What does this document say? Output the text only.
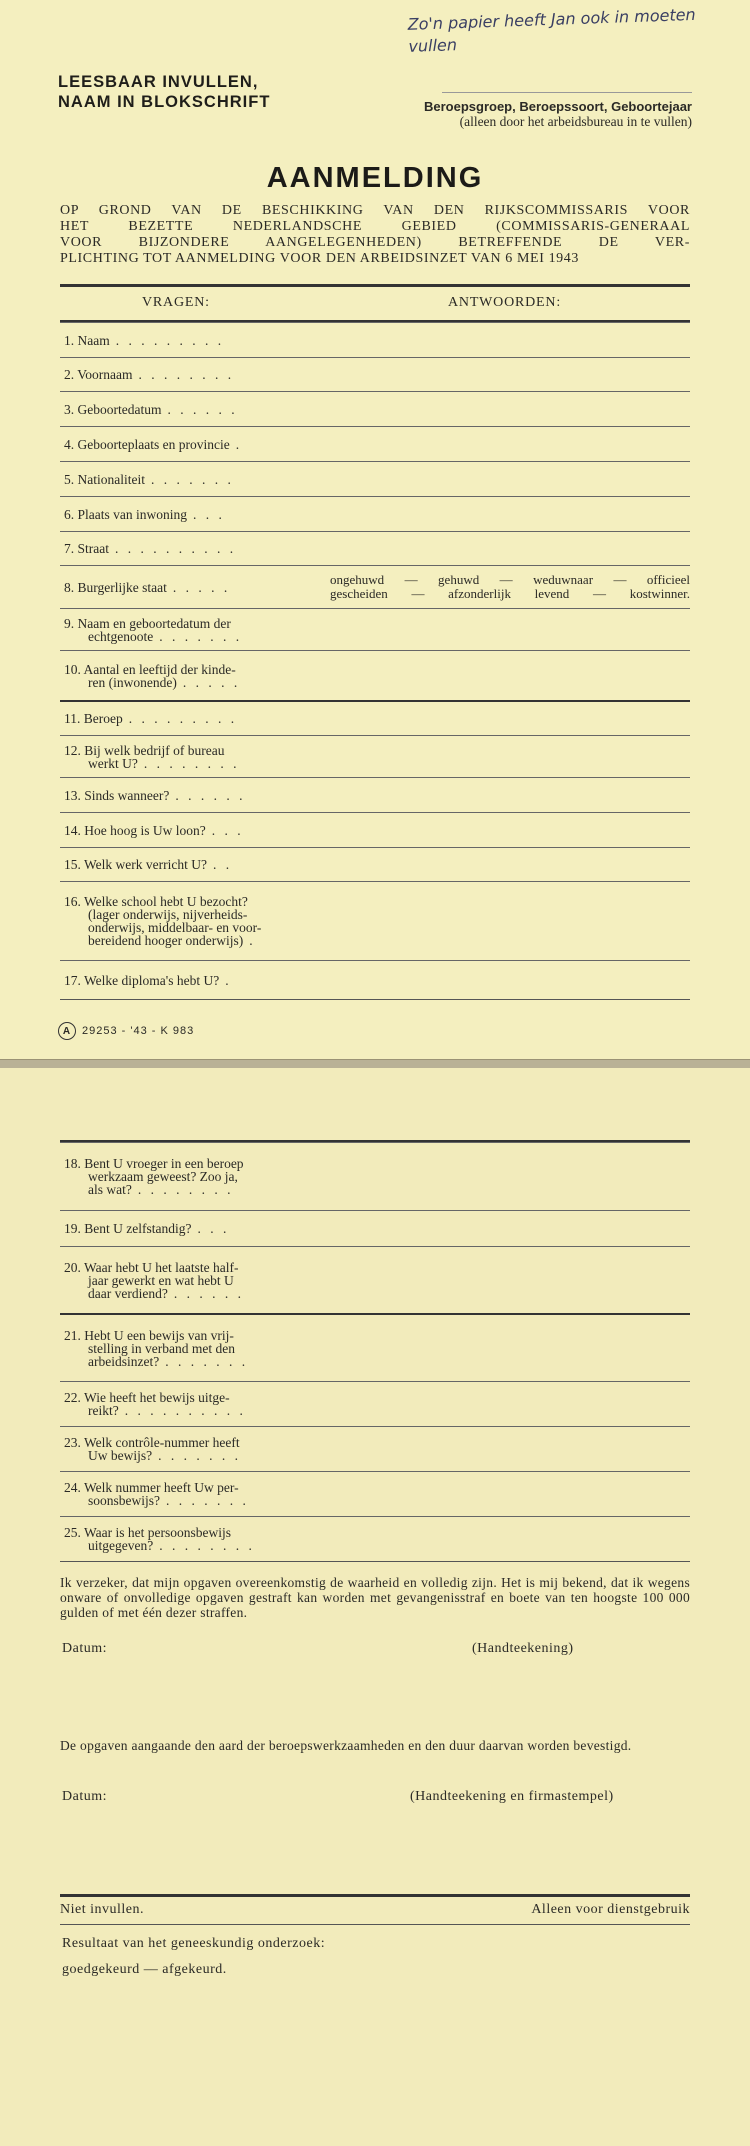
Zo'n papier heeft Jan ook in moeten vullen
LEESBAAR INVULLEN,
NAAM IN BLOKSCHRIFT	Beroepsgroep, Beroepssoort, Geboortejaar
(alleen door het arbeidsbureau in te vullen)
AANMELDING
OP GROND VAN DE BESCHIKKING VAN DEN RIJKSCOMMISSARIS VOOR
HET BEZETTE NEDERLANDSCHE GEBIED (COMMISSARIS-GENERAAL
VOOR BIJZONDERE AANGELEGENHEDEN) BETREFFENDE DE VER-
PLICHTING TOT AANMELDING VOOR DEN ARBEIDSINZET VAN 6 MEI 1943
VRAGEN:	ANTWOORDEN:
1. Naam . . . . . . . . .
2. Voornaam . . . . . . . .
3. Geboortedatum . . . . . .
4. Geboorteplaats en provincie .
5. Nationaliteit . . . . . . .
6. Plaats van inwoning . . .
7. Straat . . . . . . . . . .
8. Burgerlijke staat . . . . .	ongehuwd — gehuwd — weduwnaar — officieel
gescheiden — afzonderlijk levend — kostwinner.
9. Naam en geboortedatum der
echtgenoote . . . . . . .
10. Aantal en leeftijd der kinde-
ren (inwonende) . . . . .
11. Beroep . . . . . . . . .
12. Bij welk bedrijf of bureau
werkt U? . . . . . . . .
13. Sinds wanneer? . . . . . .
14. Hoe hoog is Uw loon? . . .
15. Welk werk verricht U? . .
16. Welke school hebt U bezocht?
(lager onderwijs, nijverheids-
onderwijs, middelbaar- en voor-
bereidend hooger onderwijs) .
17. Welke diploma's hebt U? .
A 29253 - '43 - K 983
18. Bent U vroeger in een beroep
werkzaam geweest? Zoo ja,
als wat? . . . . . . . .
19. Bent U zelfstandig? . . .
20. Waar hebt U het laatste half-
jaar gewerkt en wat hebt U
daar verdiend? . . . . . .
21. Hebt U een bewijs van vrij-
stelling in verband met den
arbeidsinzet? . . . . . . .
22. Wie heeft het bewijs uitge-
reikt? . . . . . . . . . .
23. Welk contrôle-nummer heeft
Uw bewijs? . . . . . . .
24. Welk nummer heeft Uw per-
soonsbewijs? . . . . . . .
25. Waar is het persoonsbewijs
uitgegeven? . . . . . . . .
Ik verzeker, dat mijn opgaven overeenkomstig de waarheid en volledig zijn. Het is mij bekend, dat ik wegens onware of onvolledige opgaven gestraft kan worden met gevangenisstraf en boete van ten hoogste 100 000 gulden of met één dezer straffen.
Datum:	(Handteekening)
De opgaven aangaande den aard der beroepswerkzaamheden en den duur daarvan worden bevestigd.
Datum:	(Handteekening en firmastempel)
Niet invullen.	Alleen voor dienstgebruik
Resultaat van het geneeskundig onderzoek:
goedgekeurd — afgekeurd.
